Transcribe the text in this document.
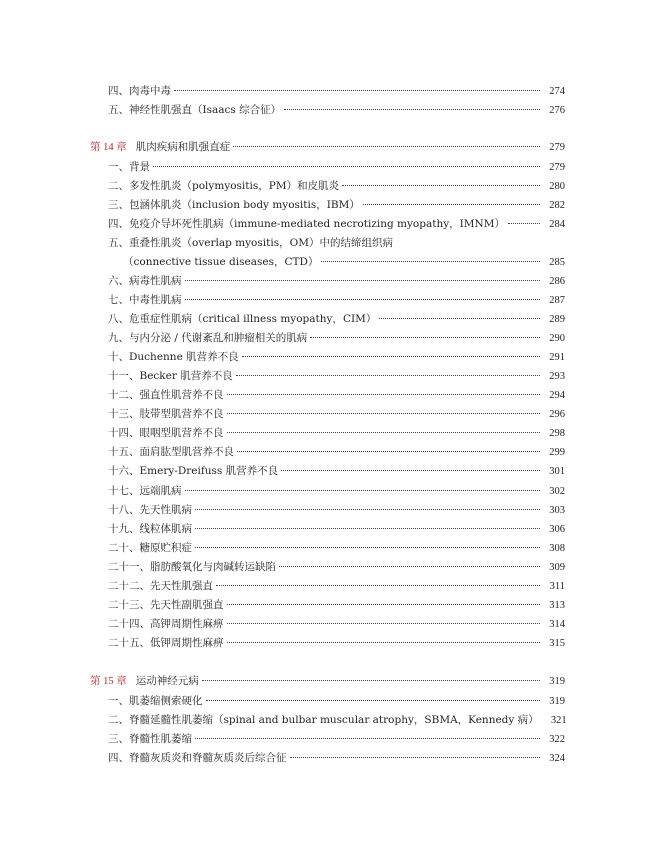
四、肉毒中毒	274
五、神经性肌强直（Isaacs 综合征）	276
第 14 章 肌肉疾病和肌强直症	279
一、背景	279
二、多发性肌炎（polymyositis，PM）和皮肌炎	280
三、包涵体肌炎（inclusion body myositis，IBM）	282
四、免疫介导坏死性肌病（immune-mediated necrotizing myopathy，IMNM）	284
五、重叠性肌炎（overlap myositis，OM）中的结缔组织病
（connective tissue diseases，CTD）	285
六、病毒性肌病	286
七、中毒性肌病	287
八、危重症性肌病（critical illness myopathy，CIM）	289
九、与内分泌 / 代谢紊乱和肿瘤相关的肌病	290
十、Duchenne 肌营养不良	291
十一、Becker 肌营养不良	293
十二、强直性肌营养不良	294
十三、肢带型肌营养不良	296
十四、眼咽型肌营养不良	298
十五、面肩肱型肌营养不良	299
十六、Emery-Dreifuss 肌营养不良	301
十七、远端肌病	302
十八、先天性肌病	303
十九、线粒体肌病	306
二十、糖原贮积症	308
二十一、脂肪酸氧化与肉碱转运缺陷	309
二十二、先天性肌强直	311
二十三、先天性副肌强直	313
二十四、高钾周期性麻痹	314
二十五、低钾周期性麻痹	315
第 15 章 运动神经元病	319
一、肌萎缩侧索硬化	319
二、脊髓延髓性肌萎缩（spinal and bulbar muscular atrophy，SBMA，Kennedy 病）	321
三、脊髓性肌萎缩	322
四、脊髓灰质炎和脊髓灰质炎后综合征	324
